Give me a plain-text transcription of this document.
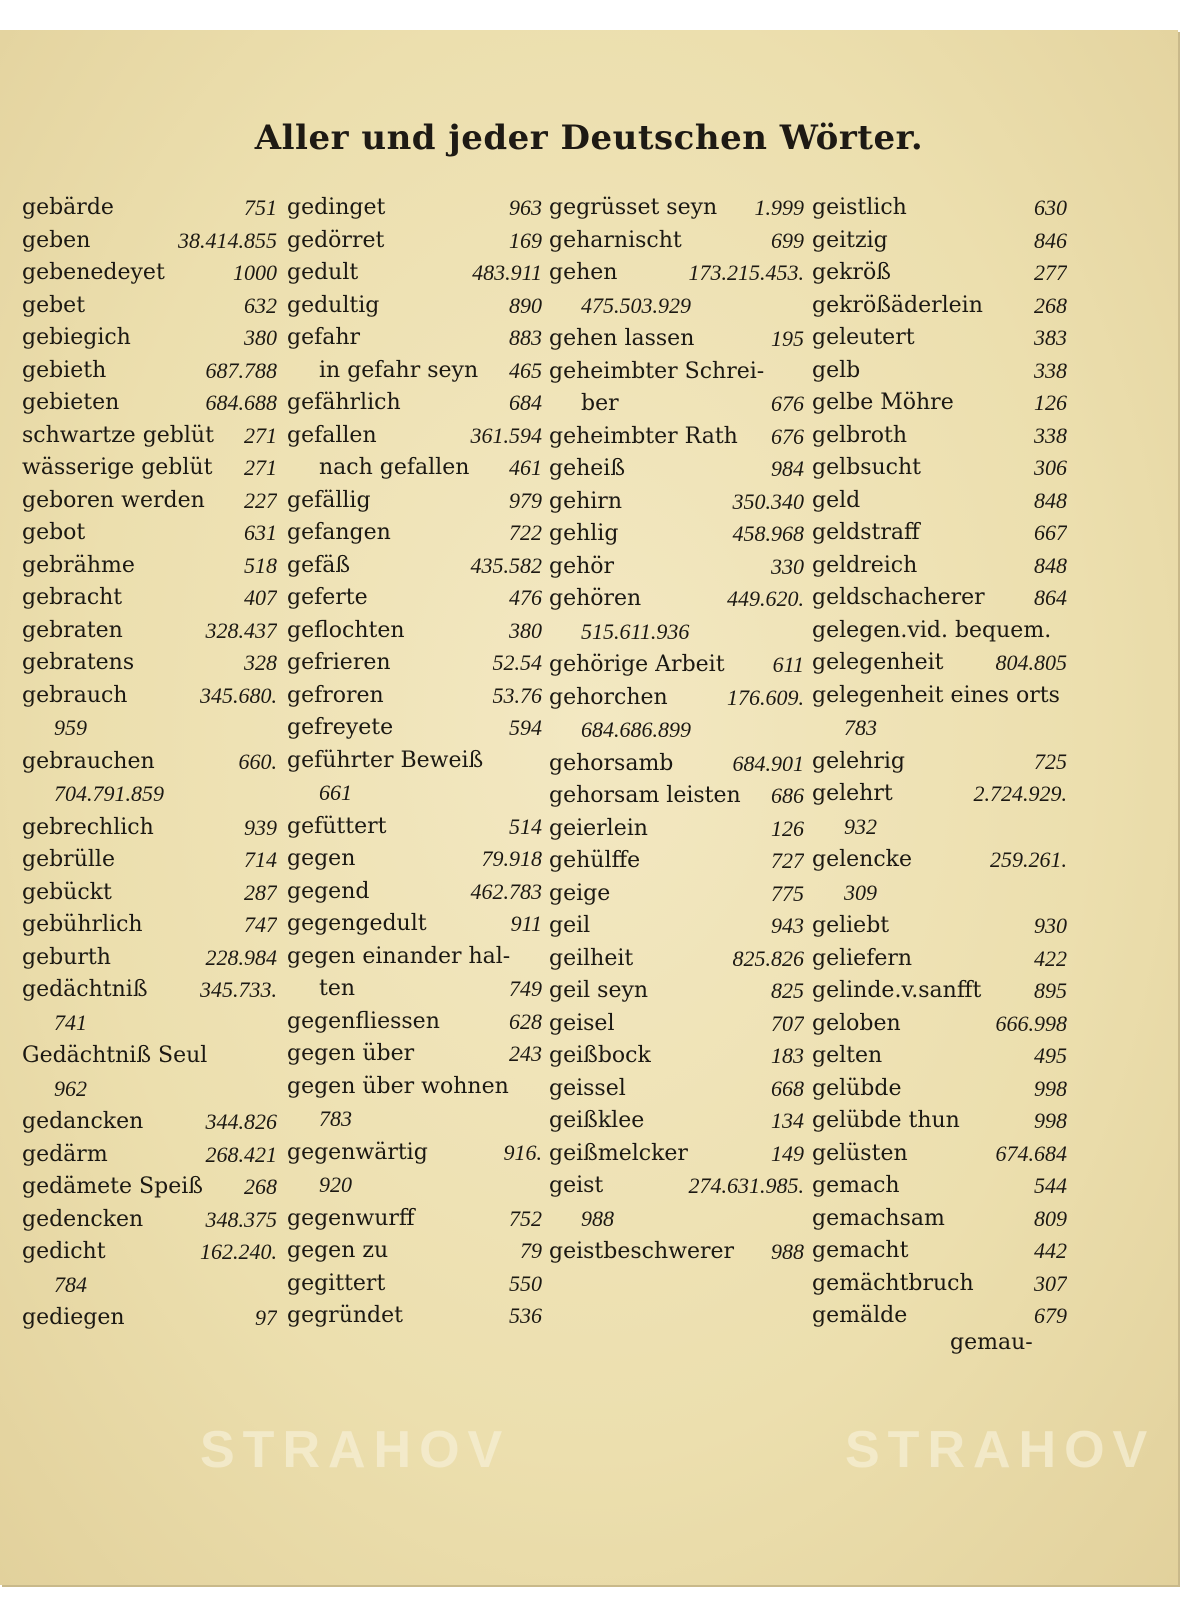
Aller und jeder Deutschen Wörter.
751
gebärde
38.414.855
geben
1000
gebenedeyet
632
gebet
380
gebiegich
687.788
gebieth
684.688
gebieten
271
schwartze geblüt
271
wässerige geblüt
227
geboren werden
631
gebot
518
gebrähme
407
gebracht
328.437
gebraten
328
gebratens
345.680.
gebrauch
959
660.
gebrauchen
704.791.859
939
gebrechlich
714
gebrülle
287
gebückt
747
gebührlich
228.984
geburth
345.733.
gedächtniß
741
Gedächtniß Seul
962
344.826
gedancken
268.421
gedärm
268
gedämete Speiß
348.375
gedencken
162.240.
gedicht
784
97
gediegen
963
gedinget
169
gedörret
483.911
gedult
890
gedultig
883
gefahr
465
in gefahr seyn
684
gefährlich
361.594
gefallen
461
nach gefallen
979
gefällig
722
gefangen
435.582
gefäß
476
geferte
380
geflochten
52.54
gefrieren
53.76
gefroren
594
gefreyete
geführter Beweiß
661
514
gefüttert
79.918
gegen
462.783
gegend
911
gegengedult
gegen einander hal-
749
ten
628
gegenfliessen
243
gegen über
gegen über wohnen
783
916.
gegenwärtig
920
752
gegenwurff
79
gegen zu
550
gegittert
536
gegründet
1.999
gegrüsset seyn
699
geharnischt
173.215.453.
gehen
475.503.929
195
gehen lassen
geheimbter Schrei-
676
ber
676
geheimbter Rath
984
geheiß
350.340
gehirn
458.968
gehlig
330
gehör
449.620.
gehören
515.611.936
611
gehörige Arbeit
176.609.
gehorchen
684.686.899
684.901
gehorsamb
686
gehorsam leisten
126
geierlein
727
gehülffe
775
geige
943
geil
825.826
geilheit
825
geil seyn
707
geisel
183
geißbock
668
geissel
134
geißklee
149
geißmelcker
274.631.985.
geist
988
988
geistbeschwerer
630
geistlich
846
geitzig
277
gekröß
268
gekrößäderlein
383
geleutert
338
gelb
126
gelbe Möhre
338
gelbroth
306
gelbsucht
848
geld
667
geldstraff
848
geldreich
864
geldschacherer
gelegen.vid. bequem.
804.805
gelegenheit
gelegenheit eines orts
783
725
gelehrig
2.724.929.
gelehrt
932
259.261.
gelencke
309
930
geliebt
422
geliefern
895
gelinde.v.sanfft
666.998
geloben
495
gelten
998
gelübde
998
gelübde thun
674.684
gelüsten
544
gemach
809
gemachsam
442
gemacht
307
gemächtbruch
679
gemälde
gemau-
STRAHOV	STRAHOV
